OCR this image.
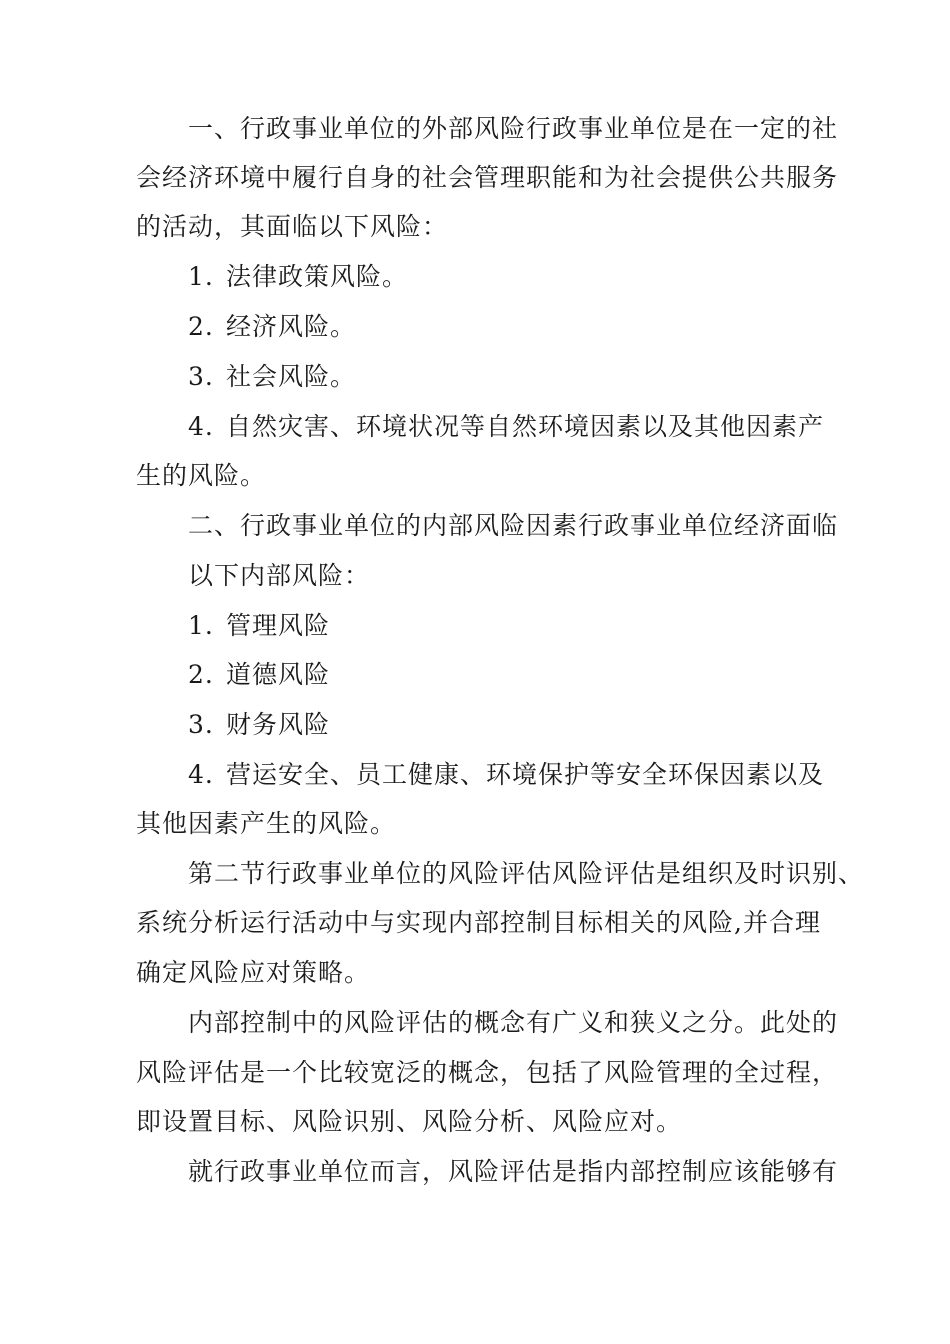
一、行政事业单位的外部风险行政事业单位是在一定的社
会经济环境中履行自身的社会管理职能和为社会提供公共服务
的活动，其面临以下风险：
1. 法律政策风险。
2. 经济风险。
3. 社会风险。
4. 自然灾害、环境状况等自然环境因素以及其他因素产
生的风险。
二、行政事业单位的内部风险因素行政事业单位经济面临
以下内部风险：
1. 管理风险
2. 道德风险
3. 财务风险
4. 营运安全、员工健康、环境保护等安全环保因素以及
其他因素产生的风险。
第二节行政事业单位的风险评估风险评估是组织及时识别、
系统分析运行活动中与实现内部控制目标相关的风险,并合理
确定风险应对策略。
内部控制中的风险评估的概念有广义和狭义之分。此处的
风险评估是一个比较宽泛的概念，包括了风险管理的全过程，
即设置目标、风险识别、风险分析、风险应对。
就行政事业单位而言，风险评估是指内部控制应该能够有
